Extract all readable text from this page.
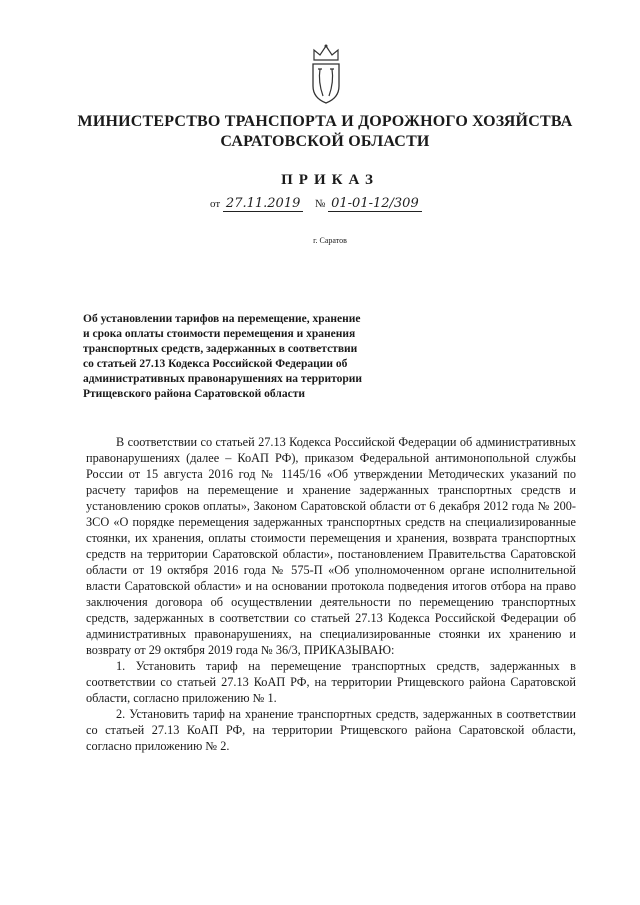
МИНИСТЕРСТВО ТРАНСПОРТА И ДОРОЖНОГО ХОЗЯЙСТВА
САРАТОВСКОЙ ОБЛАСТИ
ПРИКАЗ
от 27.11.2019 № 01-01-12/309
г. Саратов
Об установлении тарифов на перемещение, хранение
и срока оплаты стоимости перемещения и хранения
транспортных средств, задержанных в соответствии
со статьей 27.13 Кодекса Российской Федерации об
административных правонарушениях на территории
Ртищевского района Саратовской области

В соответствии со статьей 27.13 Кодекса Российской Федерации об административных правонарушениях (далее – КоАП РФ), приказом Федеральной антимонопольной службы России от 15 августа 2016 год № 1145/16 «Об утверждении Методических указаний по расчету тарифов на перемещение и хранение задержанных транспортных средств и установлению сроков оплаты», Законом Саратовской области от 6 декабря 2012 года № 200-ЗСО «О порядке перемещения задержанных транспортных средств на специализированные стоянки, их хранения, оплаты стоимости перемещения и хранения, возврата транспортных средств на территории Саратовской области», постановлением Правительства Саратовской области от 19 октября 2016 года № 575-П «Об уполномоченном органе исполнительной власти Саратовской области» и на основании протокола подведения итогов отбора на право заключения договора об осуществлении деятельности по перемещению транспортных средств, задержанных в соответствии со статьей 27.13 Кодекса Российской Федерации об административных правонарушениях, на специализированные стоянки их хранению и возврату от 29 октября 2019 года № 36/3, ПРИКАЗЫВАЮ:

1. Установить тариф на перемещение транспортных средств, задержанных в соответствии со статьей 27.13 КоАП РФ, на территории Ртищевского района Саратовской области, согласно приложению № 1.

2. Установить тариф на хранение транспортных средств, задержанных в соответствии со статьей 27.13 КоАП РФ, на территории Ртищевского района Саратовской области, согласно приложению № 2.
